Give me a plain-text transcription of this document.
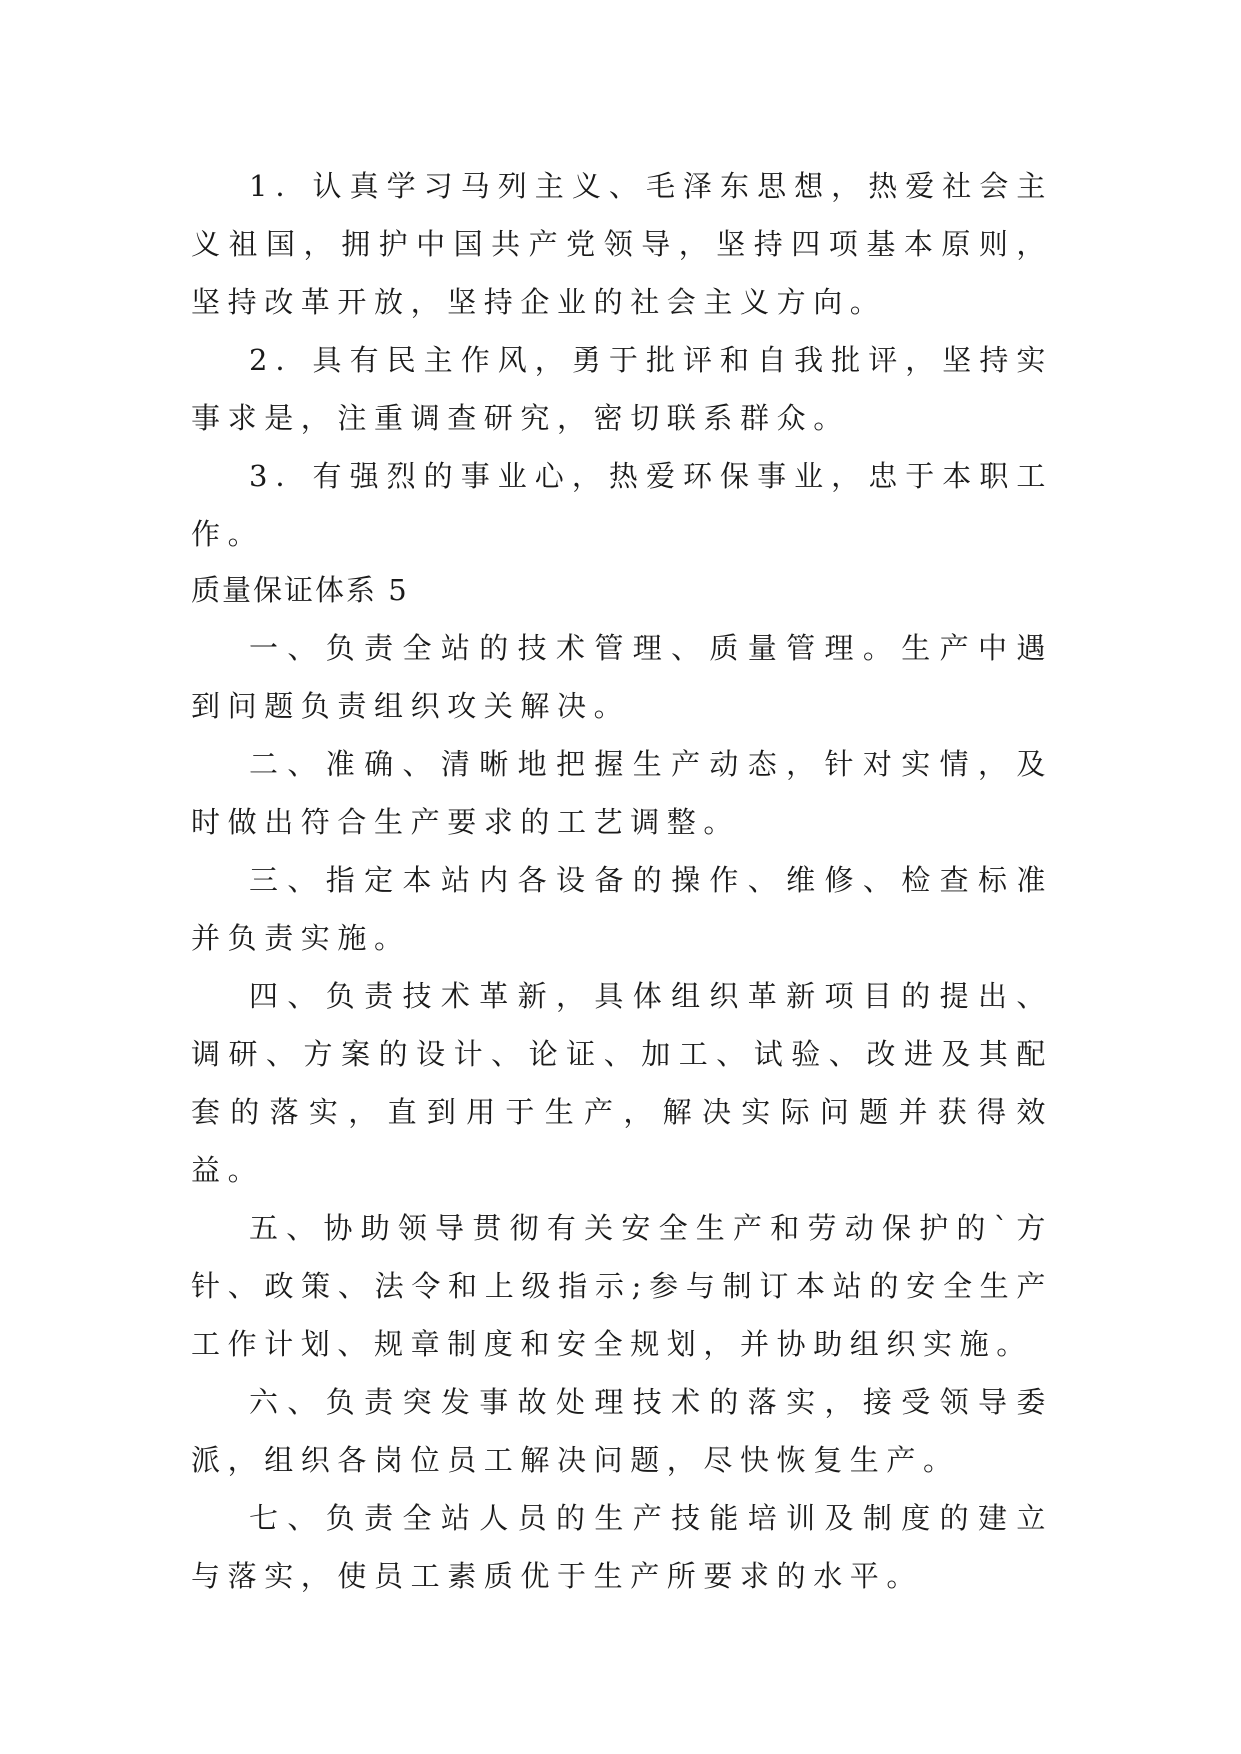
1．认真学习马列主义、毛泽东思想，热爱社会主义祖国，拥护中国共产党领导，坚持四项基本原则，坚持改革开放，坚持企业的社会主义方向。

2．具有民主作风，勇于批评和自我批评，坚持实事求是，注重调查研究，密切联系群众。

3．有强烈的事业心，热爱环保事业，忠于本职工作。

质量保证体系 5

一、负责全站的技术管理、质量管理。生产中遇到问题负责组织攻关解决。

二、准确、清晰地把握生产动态，针对实情，及时做出符合生产要求的工艺调整。

三、指定本站内各设备的操作、维修、检查标准并负责实施。

四、负责技术革新，具体组织革新项目的提出、调研、方案的设计、论证、加工、试验、改进及其配套的落实，直到用于生产，解决实际问题并获得效益。

五、协助领导贯彻有关安全生产和劳动保护的`方针、政策、法令和上级指示;参与制订本站的安全生产工作计划、规章制度和安全规划，并协助组织实施。

六、负责突发事故处理技术的落实，接受领导委派，组织各岗位员工解决问题，尽快恢复生产。

七、负责全站人员的生产技能培训及制度的建立与落实，使员工素质优于生产所要求的水平。
